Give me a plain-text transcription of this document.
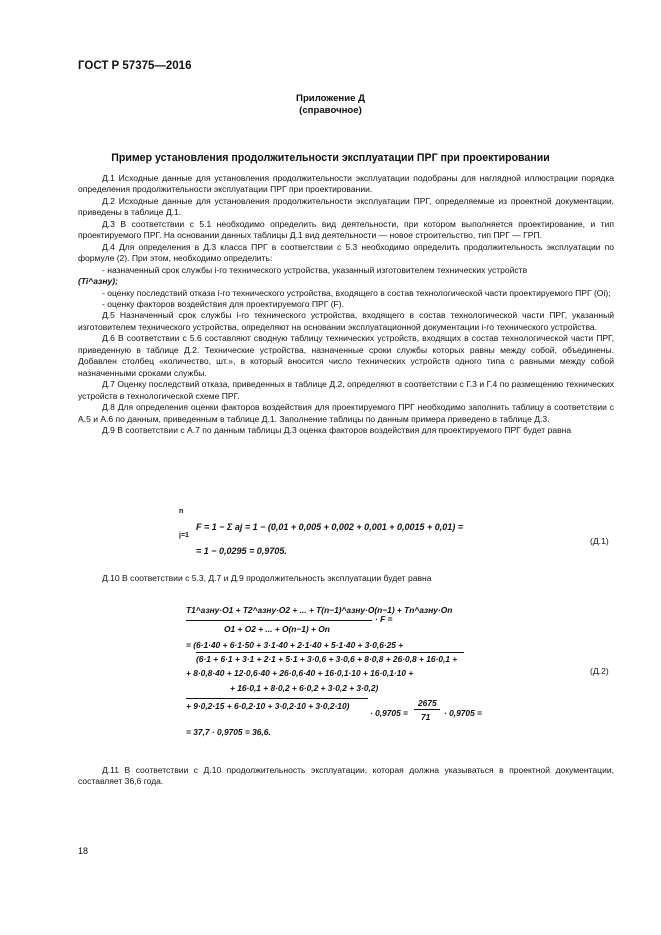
ГОСТ Р 57375—2016
Приложение Д
(справочное)
Пример установления продолжительности эксплуатации ПРГ при проектировании

Д.1 Исходные данные для установления продолжительности эксплуатации подобраны для наглядной иллюстрации порядка определения продолжительности эксплуатации ПРГ при проектировании.

Д.2 Исходные данные для установления продолжительности эксплуатации ПРГ, определяемые из проектной документации, приведены в таблице Д.1.

Д.3 В соответствии с 5.1 необходимо определить вид деятельности, при котором выполняется проектирование, и тип проектируемого ПРГ. На основании данных таблицы Д.1 вид деятельности — новое строительство, тип ПРГ — ГРП.

Д.4 Для определения в Д.3 класса ПРГ в соответствии с 5.3 необходимо определить продолжительность эксплуатации по формуле (2). При этом, необходимо определить:

- назначенный срок службы i-го технического устройства, указанный изготовителем технических устройств

(Ti^азну);

- оценку последствий отказа i-го технического устройства, входящего в состав технологической части проектируемого ПРГ (Oi);

- оценку факторов воздействия для проектируемого ПРГ (F).

Д.5 Назначенный срок службы i-го технического устройства, входящего в состав технологической части ПРГ, указанный изготовителем технического устройства, определяют на основании эксплуатационной документации i-го технического устройства.

Д.6 В соответствии с 5.6 составляют сводную таблицу технических устройств, входящих в состав технологической части ПРГ, приведенную в таблице Д.2. Технические устройства, назначенные сроки службы которых равны между собой, объединены. Добавлен столбец «количество, шт.», в который вносится число технических устройств одного типа с равными между собой назначенными сроками службы.

Д.7 Оценку последствий отказа, приведенных в таблице Д.2, определяют в соответствии с Г.3 и Г.4 по размещению технических устройств в технологической схеме ПРГ.

Д.8 Для определения оценки факторов воздействия для проектируемого ПРГ необходимо заполнить таблицу в соответствии с А.5 и А.6 по данным, приведенным в таблице Д.1. Заполнение таблицы по данным примера приведено в таблице Д.3.

Д.9 В соответствии с А.7 по данным таблицы Д.3 оценка факторов воздействия для проектируемого ПРГ будет равна

n
F = 1 − Σ aj = 1 − (0,01 + 0,005 + 0,002 + 0,001 + 0,0015 + 0,01) =
j=1
= 1 − 0,0295 = 0,9705.
(Д.1)

Д.10 В соответствии с 5.3, Д.7 и Д.9 продолжительность эксплуатации будет равна

T1^азну·O1 + T2^азну·O2 + ... + T(n−1)^азну·O(n−1) + Tn^азну·On
· F =
O1 + O2 + ... + O(n−1) + On
= (6·1·40 + 6·1·50 + 3·1·40 + 2·1·40 + 5·1·40 + 3·0,6·25 +
(6·1 + 6·1 + 3·1 + 2·1 + 5·1 + 3·0,6 + 3·0,6 + 8·0,8 + 26·0,8 + 16·0,1 +
+ 8·0,8·40 + 12·0,6·40 + 26·0,6·40 + 16·0,1·10 + 16·0,1·10 +
+ 16·0,1 + 8·0,2 + 6·0,2 + 3·0,2 + 3·0,2)
+ 9·0,2·15 + 6·0,2·10 + 3·0,2·10 + 3·0,2·10)
· 0,9705 =
2675
71 · 0,9705 =
= 37,7 · 0,9705 = 36,6.
(Д.2)

Д.11 В соответствии с Д.10 продолжительность эксплуатации, которая должна указываться в проектной документации, составляет 36,6 года.

18
